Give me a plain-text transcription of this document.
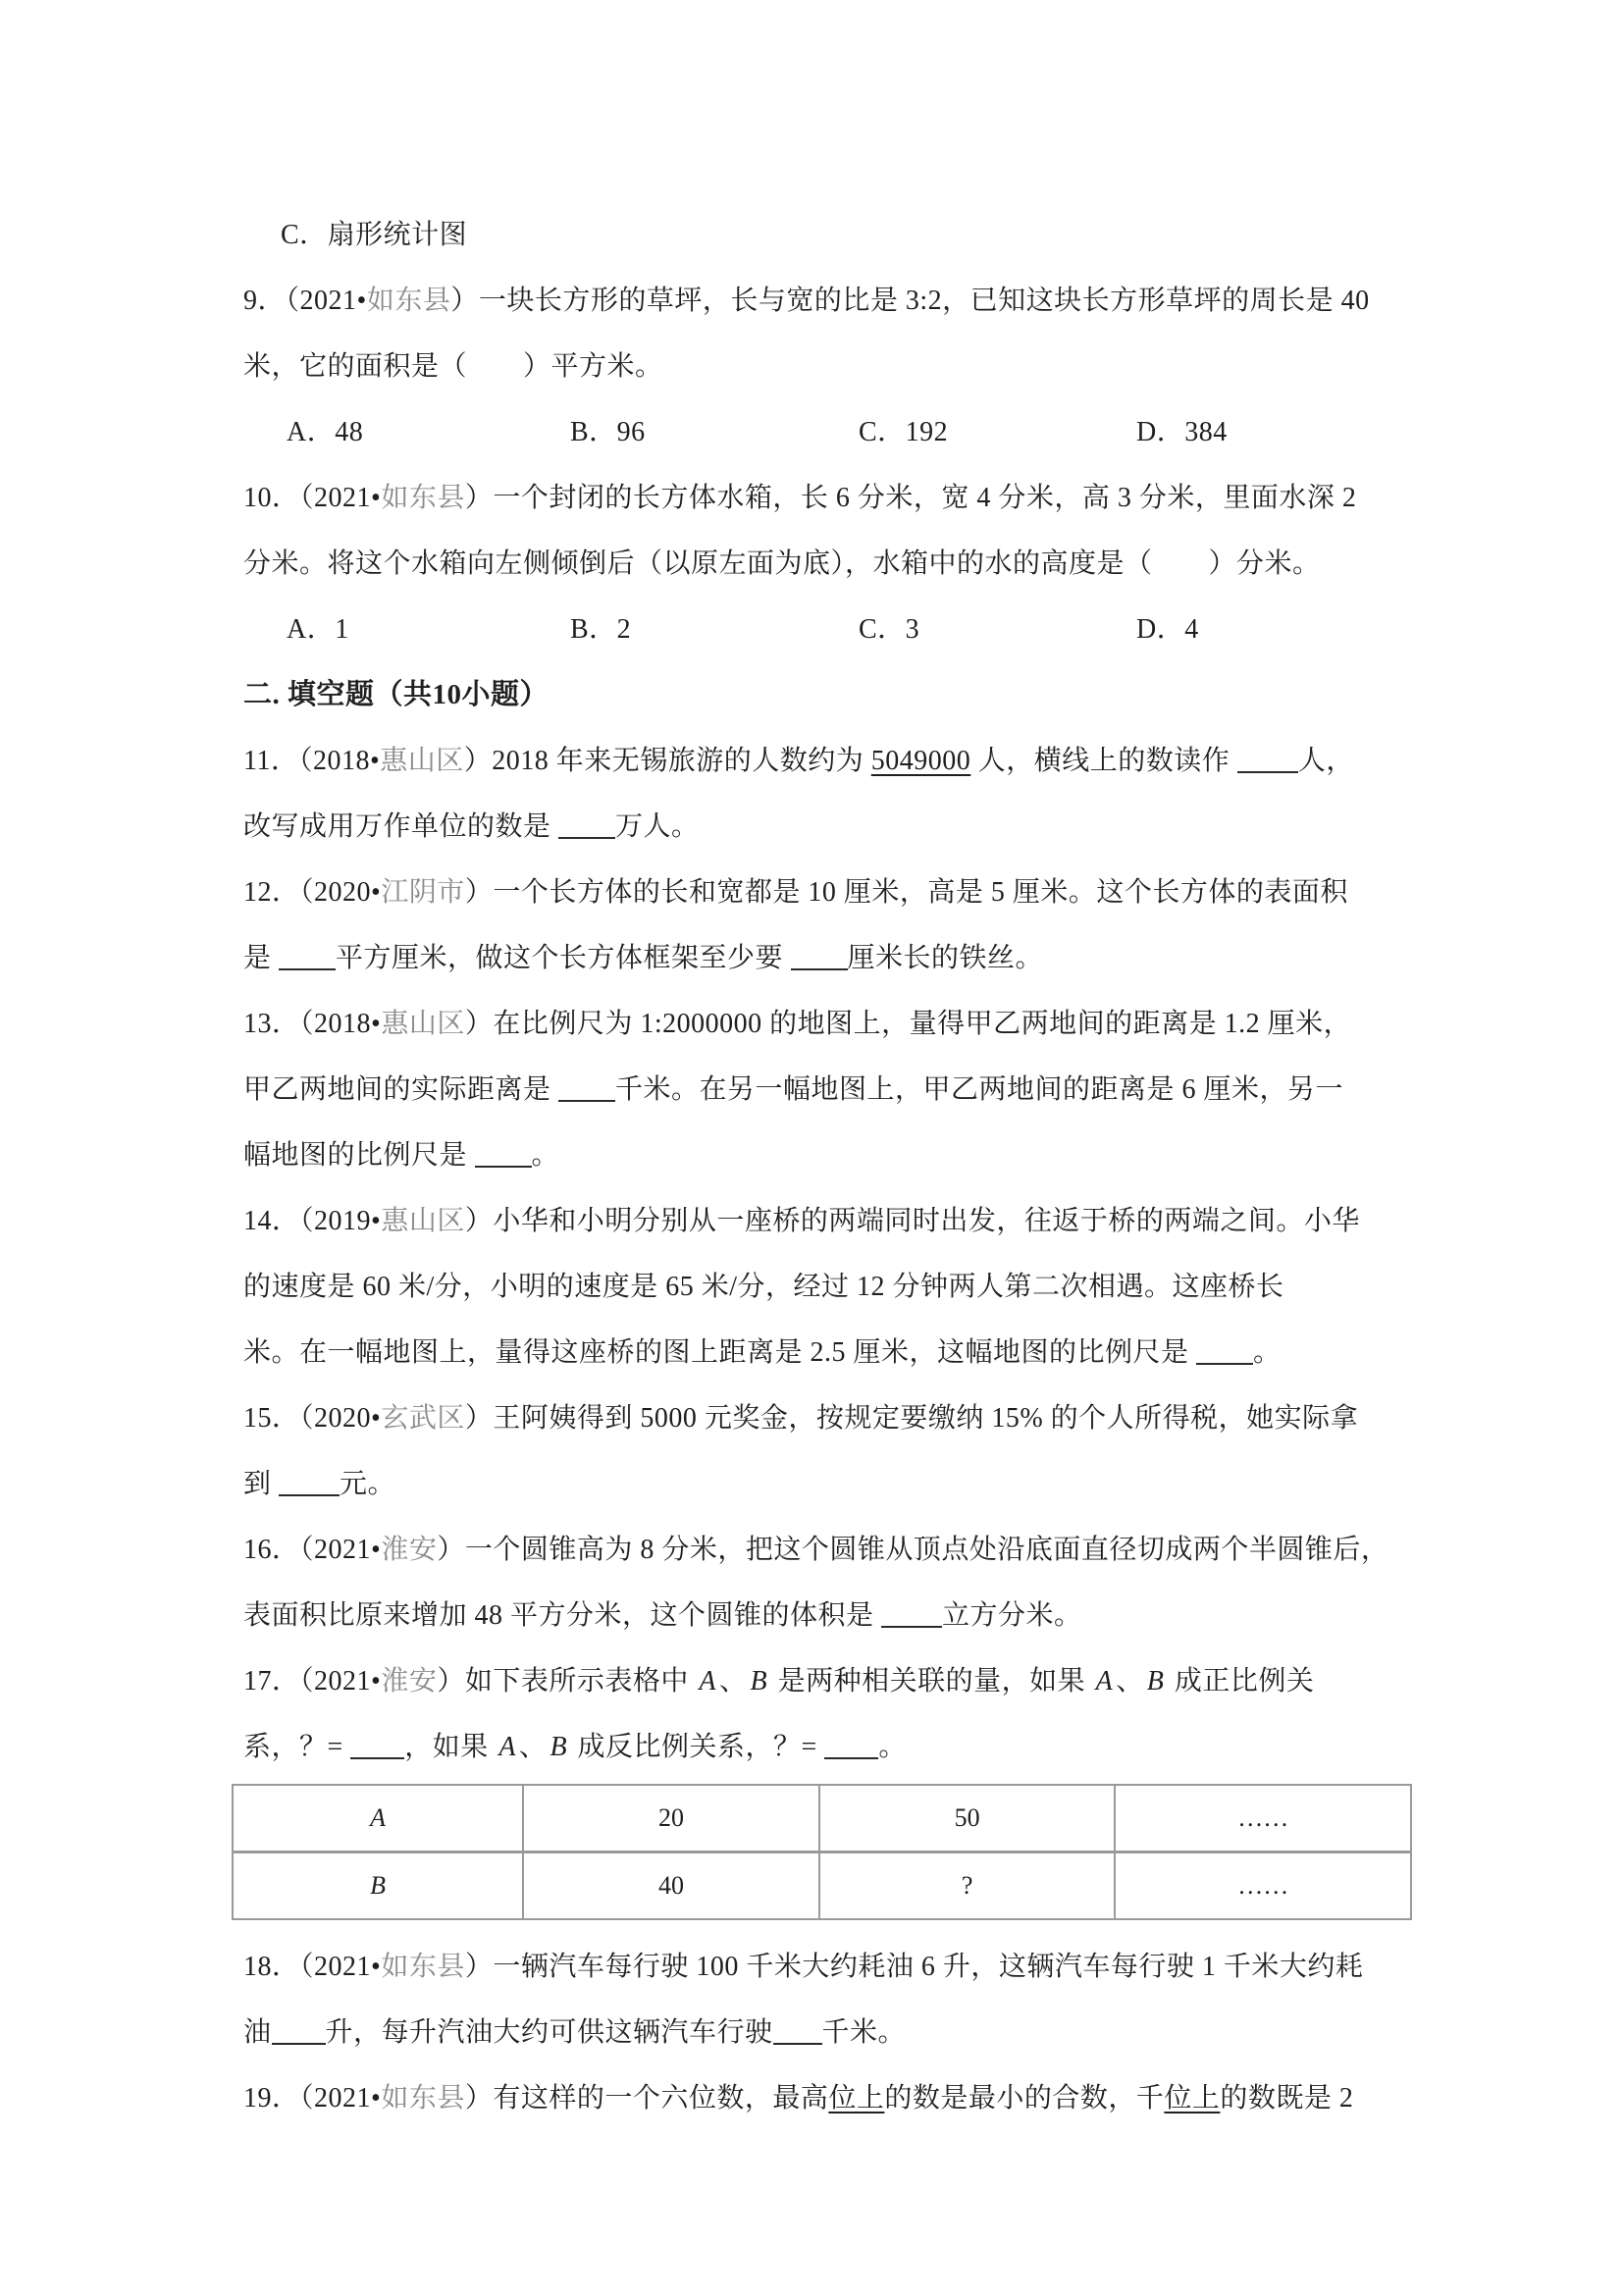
C．扇形统计图
9．（2021•如东县）一块长方形的草坪，长与宽的比是 3:2，已知这块长方形草坪的周长是 40
米，它的面积是（　　）平方米。
A．48	B．96	C．192	D．384
10．（2021•如东县）一个封闭的长方体水箱，长 6 分米，宽 4 分米，高 3 分米，里面水深 2
分米。将这个水箱向左侧倾倒后（以原左面为底），水箱中的水的高度是（　　）分米。
A．1	B．2	C．3	D．4
二. 填空题（共10小题）
11．（2018•惠山区）2018 年来无锡旅游的人数约为 5049000 人，横线上的数读作 人，
改写成用万作单位的数是 万人。
12．（2020•江阴市）一个长方体的长和宽都是 10 厘米，高是 5 厘米。这个长方体的表面积
是 平方厘米，做这个长方体框架至少要 厘米长的铁丝。
13．（2018•惠山区）在比例尺为 1:2000000 的地图上，量得甲乙两地间的距离是 1.2 厘米，
甲乙两地间的实际距离是 千米。在另一幅地图上，甲乙两地间的距离是 6 厘米，另一
幅地图的比例尺是 。
14．（2019•惠山区）小华和小明分别从一座桥的两端同时出发，往返于桥的两端之间。小华
的速度是 60 米/分，小明的速度是 65 米/分，经过 12 分钟两人第二次相遇。这座桥长
米。在一幅地图上，量得这座桥的图上距离是 2.5 厘米，这幅地图的比例尺是 。
15．（2020•玄武区）王阿姨得到 5000 元奖金，按规定要缴纳 15% 的个人所得税，她实际拿
到 元。
16．（2021•淮安）一个圆锥高为 8 分米，把这个圆锥从顶点处沿底面直径切成两个半圆锥后，
表面积比原来增加 48 平方分米，这个圆锥的体积是 立方分米。
17．（2021•淮安）如下表所示表格中 A 、 B 是两种相关联的量，如果 A 、 B 成正比例关
系，？= ，如果 A 、 B 成反比例关系，？= 。
A	20	50	……
B	40	?	……
18．（2021•如东县）一辆汽车每行驶 100 千米大约耗油 6 升，这辆汽车每行驶 1 千米大约耗
油 升，每升汽油大约可供这辆汽车行驶 千米。
19．（2021•如东县）有这样的一个六位数，最高位上的数是最小的合数，千位上的数既是 2
